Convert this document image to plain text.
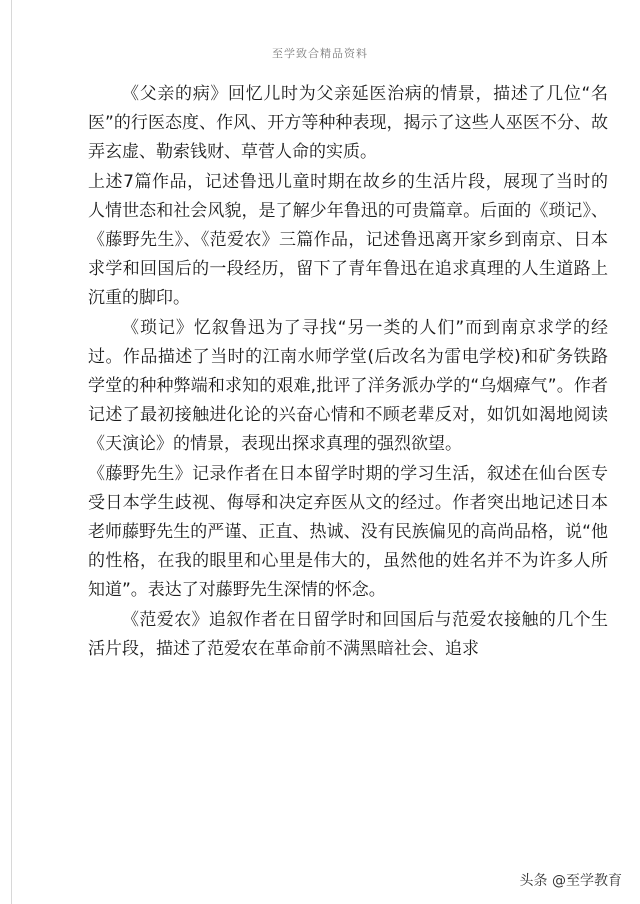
至学致合精品资料

《父亲的病》回忆儿时为父亲延医治病的情景，描述了几位“名医”的行医态度、作风、开方等种种表现，揭示了这些人巫医不分、故弄玄虚、勒索钱财、草菅人命的实质。

上述7篇作品，记述鲁迅儿童时期在故乡的生活片段，展现了当时的人情世态和社会风貌，是了解少年鲁迅的可贵篇章。后面的《琐记》、《藤野先生》、《范爱农》三篇作品，记述鲁迅离开家乡到南京、日本求学和回国后的一段经历，留下了青年鲁迅在追求真理的人生道路上沉重的脚印。

《琐记》忆叙鲁迅为了寻找“另一类的人们”而到南京求学的经过。作品描述了当时的江南水师学堂(后改名为雷电学校)和矿务铁路学堂的种种弊端和求知的艰难,批评了洋务派办学的“乌烟瘴气”。作者记述了最初接触进化论的兴奋心情和不顾老辈反对，如饥如渴地阅读《天演论》的情景，表现出探求真理的强烈欲望。

《藤野先生》记录作者在日本留学时期的学习生活，叙述在仙台医专受日本学生歧视、侮辱和决定弃医从文的经过。作者突出地记述日本老师藤野先生的严谨、正直、热诚、没有民族偏见的高尚品格，说“他的性格，在我的眼里和心里是伟大的，虽然他的姓名并不为许多人所知道”。表达了对藤野先生深情的怀念。

《范爱农》追叙作者在日留学时和回国后与范爱农接触的几个生活片段，描述了范爱农在革命前不满黑暗社会、追求

头条 @至学教育
